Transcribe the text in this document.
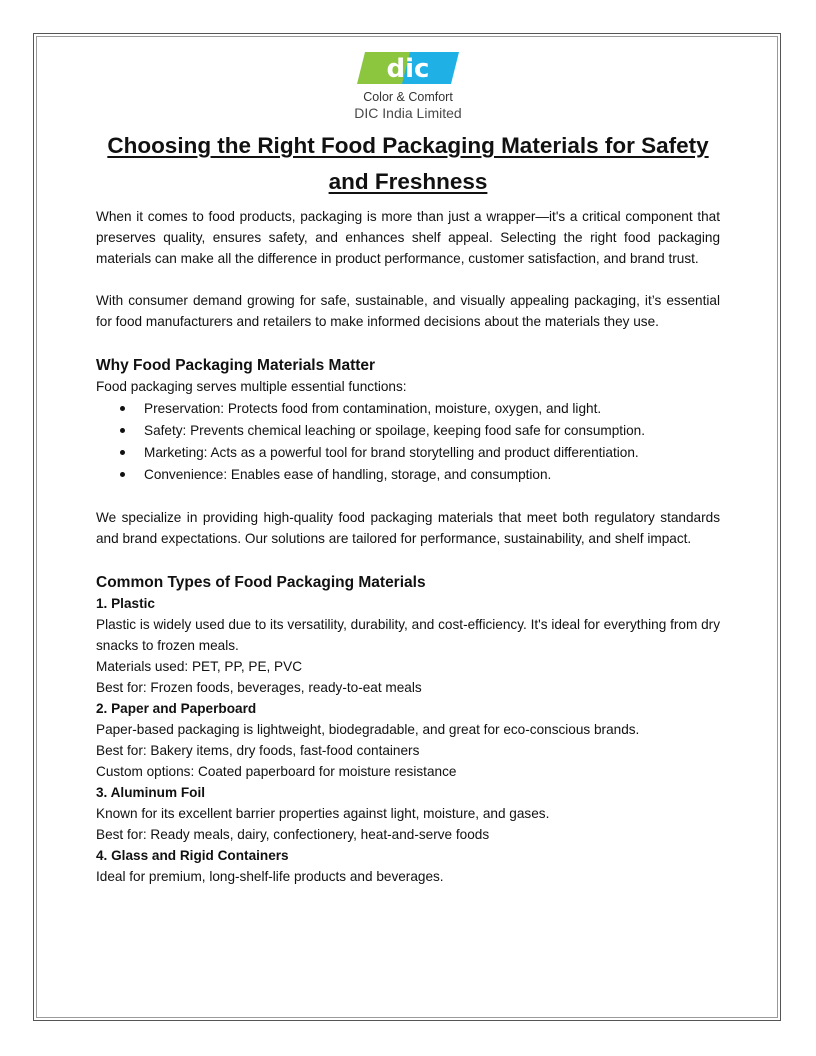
dic
Color & Comfort
DIC India Limited
Choosing the Right Food Packaging Materials for Safety and Freshness

When it comes to food products, packaging is more than just a wrapper—it's a critical component that preserves quality, ensures safety, and enhances shelf appeal. Selecting the right food packaging materials can make all the difference in product performance, customer satisfaction, and brand trust.

With consumer demand growing for safe, sustainable, and visually appealing packaging, it’s essential for food manufacturers and retailers to make informed decisions about the materials they use.

Why Food Packaging Materials Matter

Food packaging serves multiple essential functions:

Preservation: Protects food from contamination, moisture, oxygen, and light.
Safety: Prevents chemical leaching or spoilage, keeping food safe for consumption.
Marketing: Acts as a powerful tool for brand storytelling and product differentiation.
Convenience: Enables ease of handling, storage, and consumption.

We specialize in providing high-quality food packaging materials that meet both regulatory standards and brand expectations. Our solutions are tailored for performance, sustainability, and shelf impact.

Common Types of Food Packaging Materials

1. Plastic

Plastic is widely used due to its versatility, durability, and cost-efficiency. It's ideal for everything from dry snacks to frozen meals.

Materials used: PET, PP, PE, PVC

Best for: Frozen foods, beverages, ready-to-eat meals

2. Paper and Paperboard

Paper-based packaging is lightweight, biodegradable, and great for eco-conscious brands.

Best for: Bakery items, dry foods, fast-food containers

Custom options: Coated paperboard for moisture resistance

3. Aluminum Foil

Known for its excellent barrier properties against light, moisture, and gases.

Best for: Ready meals, dairy, confectionery, heat-and-serve foods

4. Glass and Rigid Containers

Ideal for premium, long-shelf-life products and beverages.
